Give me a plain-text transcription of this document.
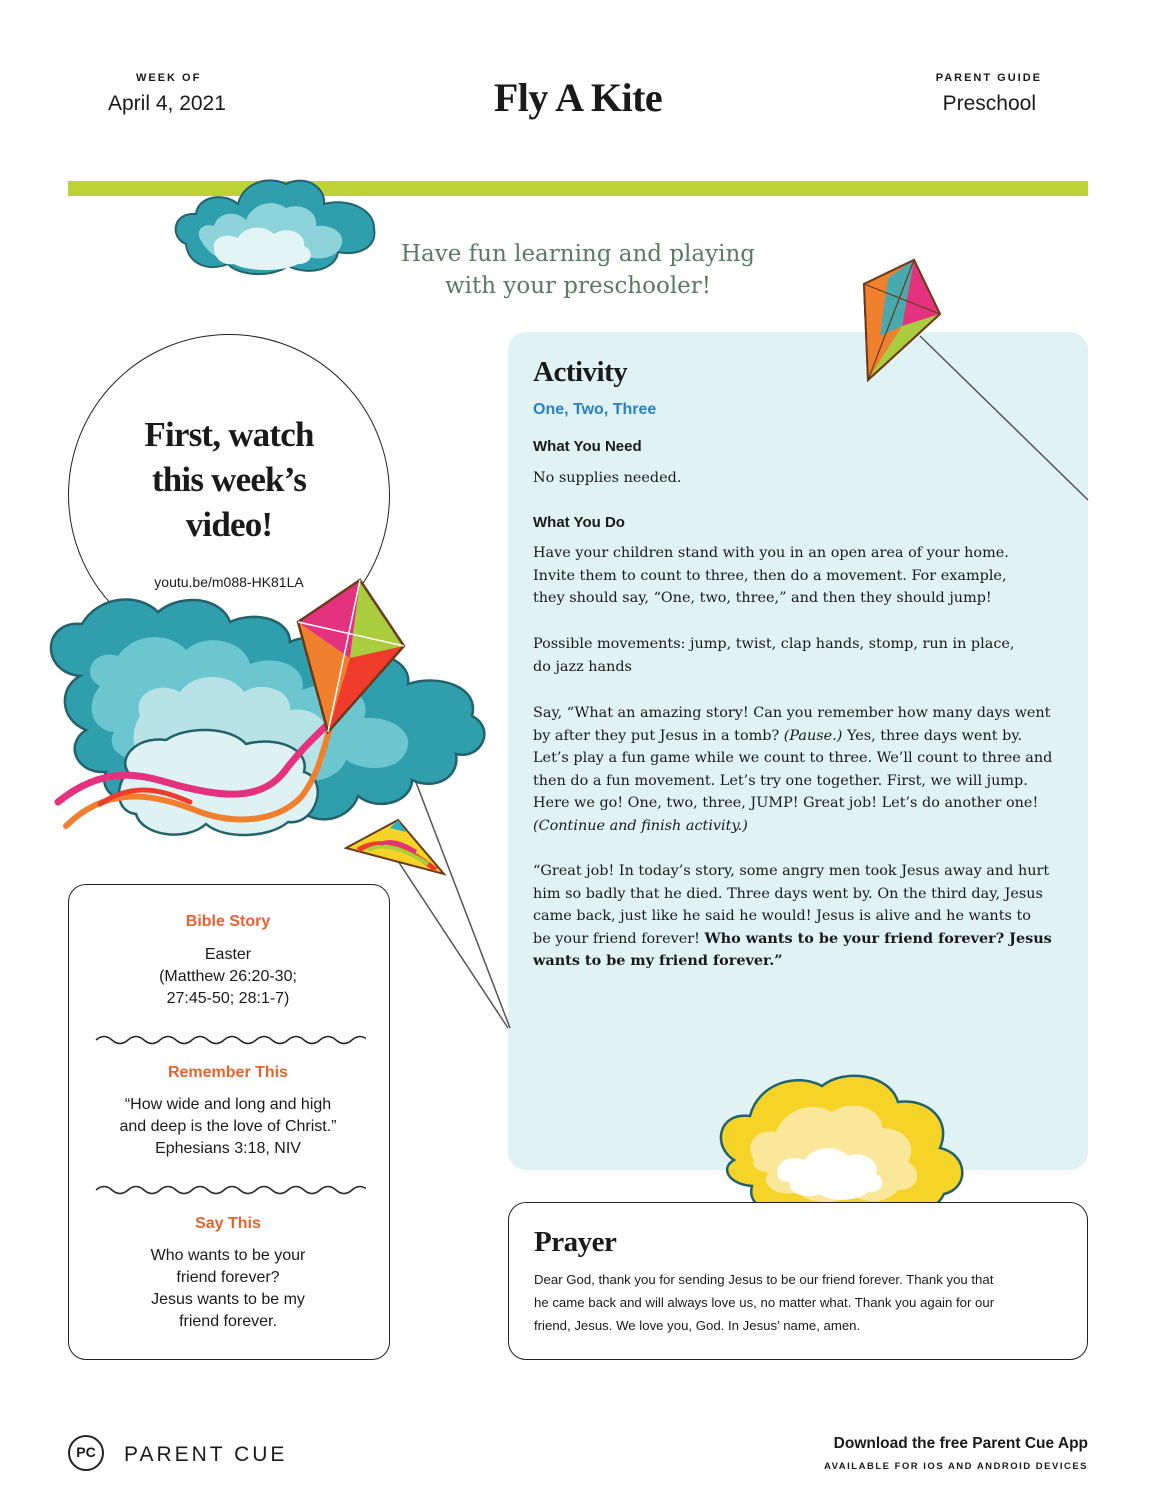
WEEK OF
April 4, 2021	Fly A Kite	PARENT GUIDE
Preschool
Have fun learning and playing
with your preschooler!
Activity
One, Two, Three
What You Need
No supplies needed.
What You Do
Have your children stand with you in an open area of your home.
Invite them to count to three, then do a movement. For example,
they should say, “One, two, three,” and then they should jump!
Possible movements: jump, twist, clap hands, stomp, run in place,
do jazz hands
Say, “What an amazing story! Can you remember how many days went
by after they put Jesus in a tomb? (Pause.) Yes, three days went by.
Let’s play a fun game while we count to three. We’ll count to three and
then do a fun movement. Let’s try one together. First, we will jump.
Here we go! One, two, three, JUMP! Great job! Let’s do another one!
(Continue and finish activity.)
“Great job! In today’s story, some angry men took Jesus away and hurt
him so badly that he died. Three days went by. On the third day, Jesus
came back, just like he said he would! Jesus is alive and he wants to
be your friend forever! Who wants to be your friend forever? Jesus
wants to be my friend forever.”
First, watch
this week’s
video!
youtu.be/m088-HK81LA
Bible Story
Easter
(Matthew 26:20-30;
27:45-50; 28:1-7)
Remember This
“How wide and long and high
and deep is the love of Christ.”
Ephesians 3:18, NIV
Say This
Who wants to be your
friend forever?
Jesus wants to be my
friend forever.
Prayer
Dear God, thank you for sending Jesus to be our friend forever. Thank you that
he came back and will always love us, no matter what. Thank you again for our
friend, Jesus. We love you, God. In Jesus’ name, amen.
PC	PARENT CUE	Download the free Parent Cue App
AVAILABLE FOR IOS AND ANDROID DEVICES
